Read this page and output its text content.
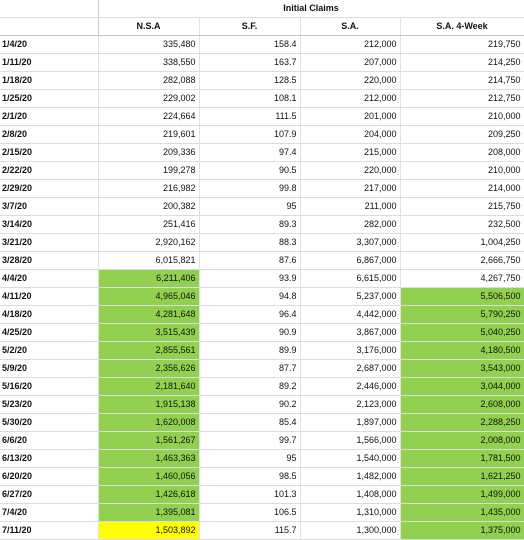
	Initial Claims			
	N.S.A	S.F.	S.A.	S.A. 4-Week
1/4/20	335,480	158.4	212,000	219,750
1/11/20	338,550	163.7	207,000	214,250
1/18/20	282,088	128.5	220,000	214,750
1/25/20	229,002	108.1	212,000	212,750
2/1/20	224,664	111.5	201,000	210,000
2/8/20	219,601	107.9	204,000	209,250
2/15/20	209,336	97.4	215,000	208,000
2/22/20	199,278	90.5	220,000	210,000
2/29/20	216,982	99.8	217,000	214,000
3/7/20	200,382	95	211,000	215,750
3/14/20	251,416	89.3	282,000	232,500
3/21/20	2,920,162	88.3	3,307,000	1,004,250
3/28/20	6,015,821	87.6	6,867,000	2,666,750
4/4/20	6,211,406	93.9	6,615,000	4,267,750
4/11/20	4,965,046	94.8	5,237,000	5,506,500
4/18/20	4,281,648	96.4	4,442,000	5,790,250
4/25/20	3,515,439	90.9	3,867,000	5,040,250
5/2/20	2,855,561	89.9	3,176,000	4,180,500
5/9/20	2,356,626	87.7	2,687,000	3,543,000
5/16/20	2,181,640	89.2	2,446,000	3,044,000
5/23/20	1,915,138	90.2	2,123,000	2,608,000
5/30/20	1,620,008	85.4	1,897,000	2,288,250
6/6/20	1,561,267	99.7	1,566,000	2,008,000
6/13/20	1,463,363	95	1,540,000	1,781,500
6/20/20	1,460,056	98.5	1,482,000	1,621,250
6/27/20	1,426,618	101.3	1,408,000	1,499,000
7/4/20	1,395,081	106.5	1,310,000	1,435,000
7/11/20	1,503,892	115.7	1,300,000	1,375,000
